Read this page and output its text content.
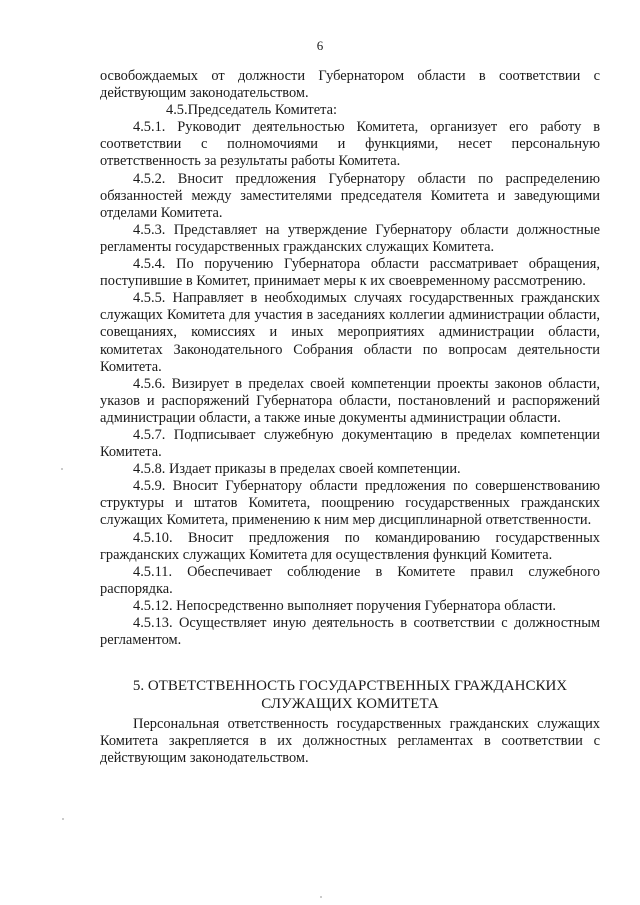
6

освобождаемых от должности Губернатором области в соответствии с действующим законодательством.

4.5.Председатель Комитета:

4.5.1. Руководит деятельностью Комитета, организует его работу в соответствии с полномочиями и функциями, несет персональную ответственность за результаты работы Комитета.

4.5.2. Вносит предложения Губернатору области по распределению обязанностей между заместителями председателя Комитета и заведующими отделами Комитета.

4.5.3. Представляет на утверждение Губернатору области должностные регламенты государственных гражданских служащих Комитета.

4.5.4. По поручению Губернатора области рассматривает обращения, поступившие в Комитет, принимает меры к их своевременному рассмотрению.

4.5.5. Направляет в необходимых случаях государственных гражданских служащих Комитета для участия в заседаниях коллегии администрации области, совещаниях, комиссиях и иных мероприятиях администрации области, комитетах Законодательного Собрания области по вопросам деятельности Комитета.

4.5.6. Визирует в пределах своей компетенции проекты законов области, указов и распоряжений Губернатора области, постановлений и распоряжений администрации области, а также иные документы администрации области.

4.5.7. Подписывает служебную документацию в пределах компетенции Комитета.

4.5.8. Издает приказы в пределах своей компетенции.

4.5.9. Вносит Губернатору области предложения по совершенствованию структуры и штатов Комитета, поощрению государственных гражданских служащих Комитета, применению к ним мер дисциплинарной ответственности.

4.5.10. Вносит предложения по командированию государственных гражданских служащих Комитета для осуществления функций Комитета.

4.5.11. Обеспечивает соблюдение в Комитете правил служебного распорядка.

4.5.12. Непосредственно выполняет поручения Губернатора области.

4.5.13. Осуществляет иную деятельность в соответствии с должностным регламентом.

5. ОТВЕТСТВЕННОСТЬ ГОСУДАРСТВЕННЫХ ГРАЖДАНСКИХ
СЛУЖАЩИХ КОМИТЕТА

Персональная ответственность государственных гражданских служащих Комитета закрепляется в их должностных регламентах в соответствии с действующим законодательством.
